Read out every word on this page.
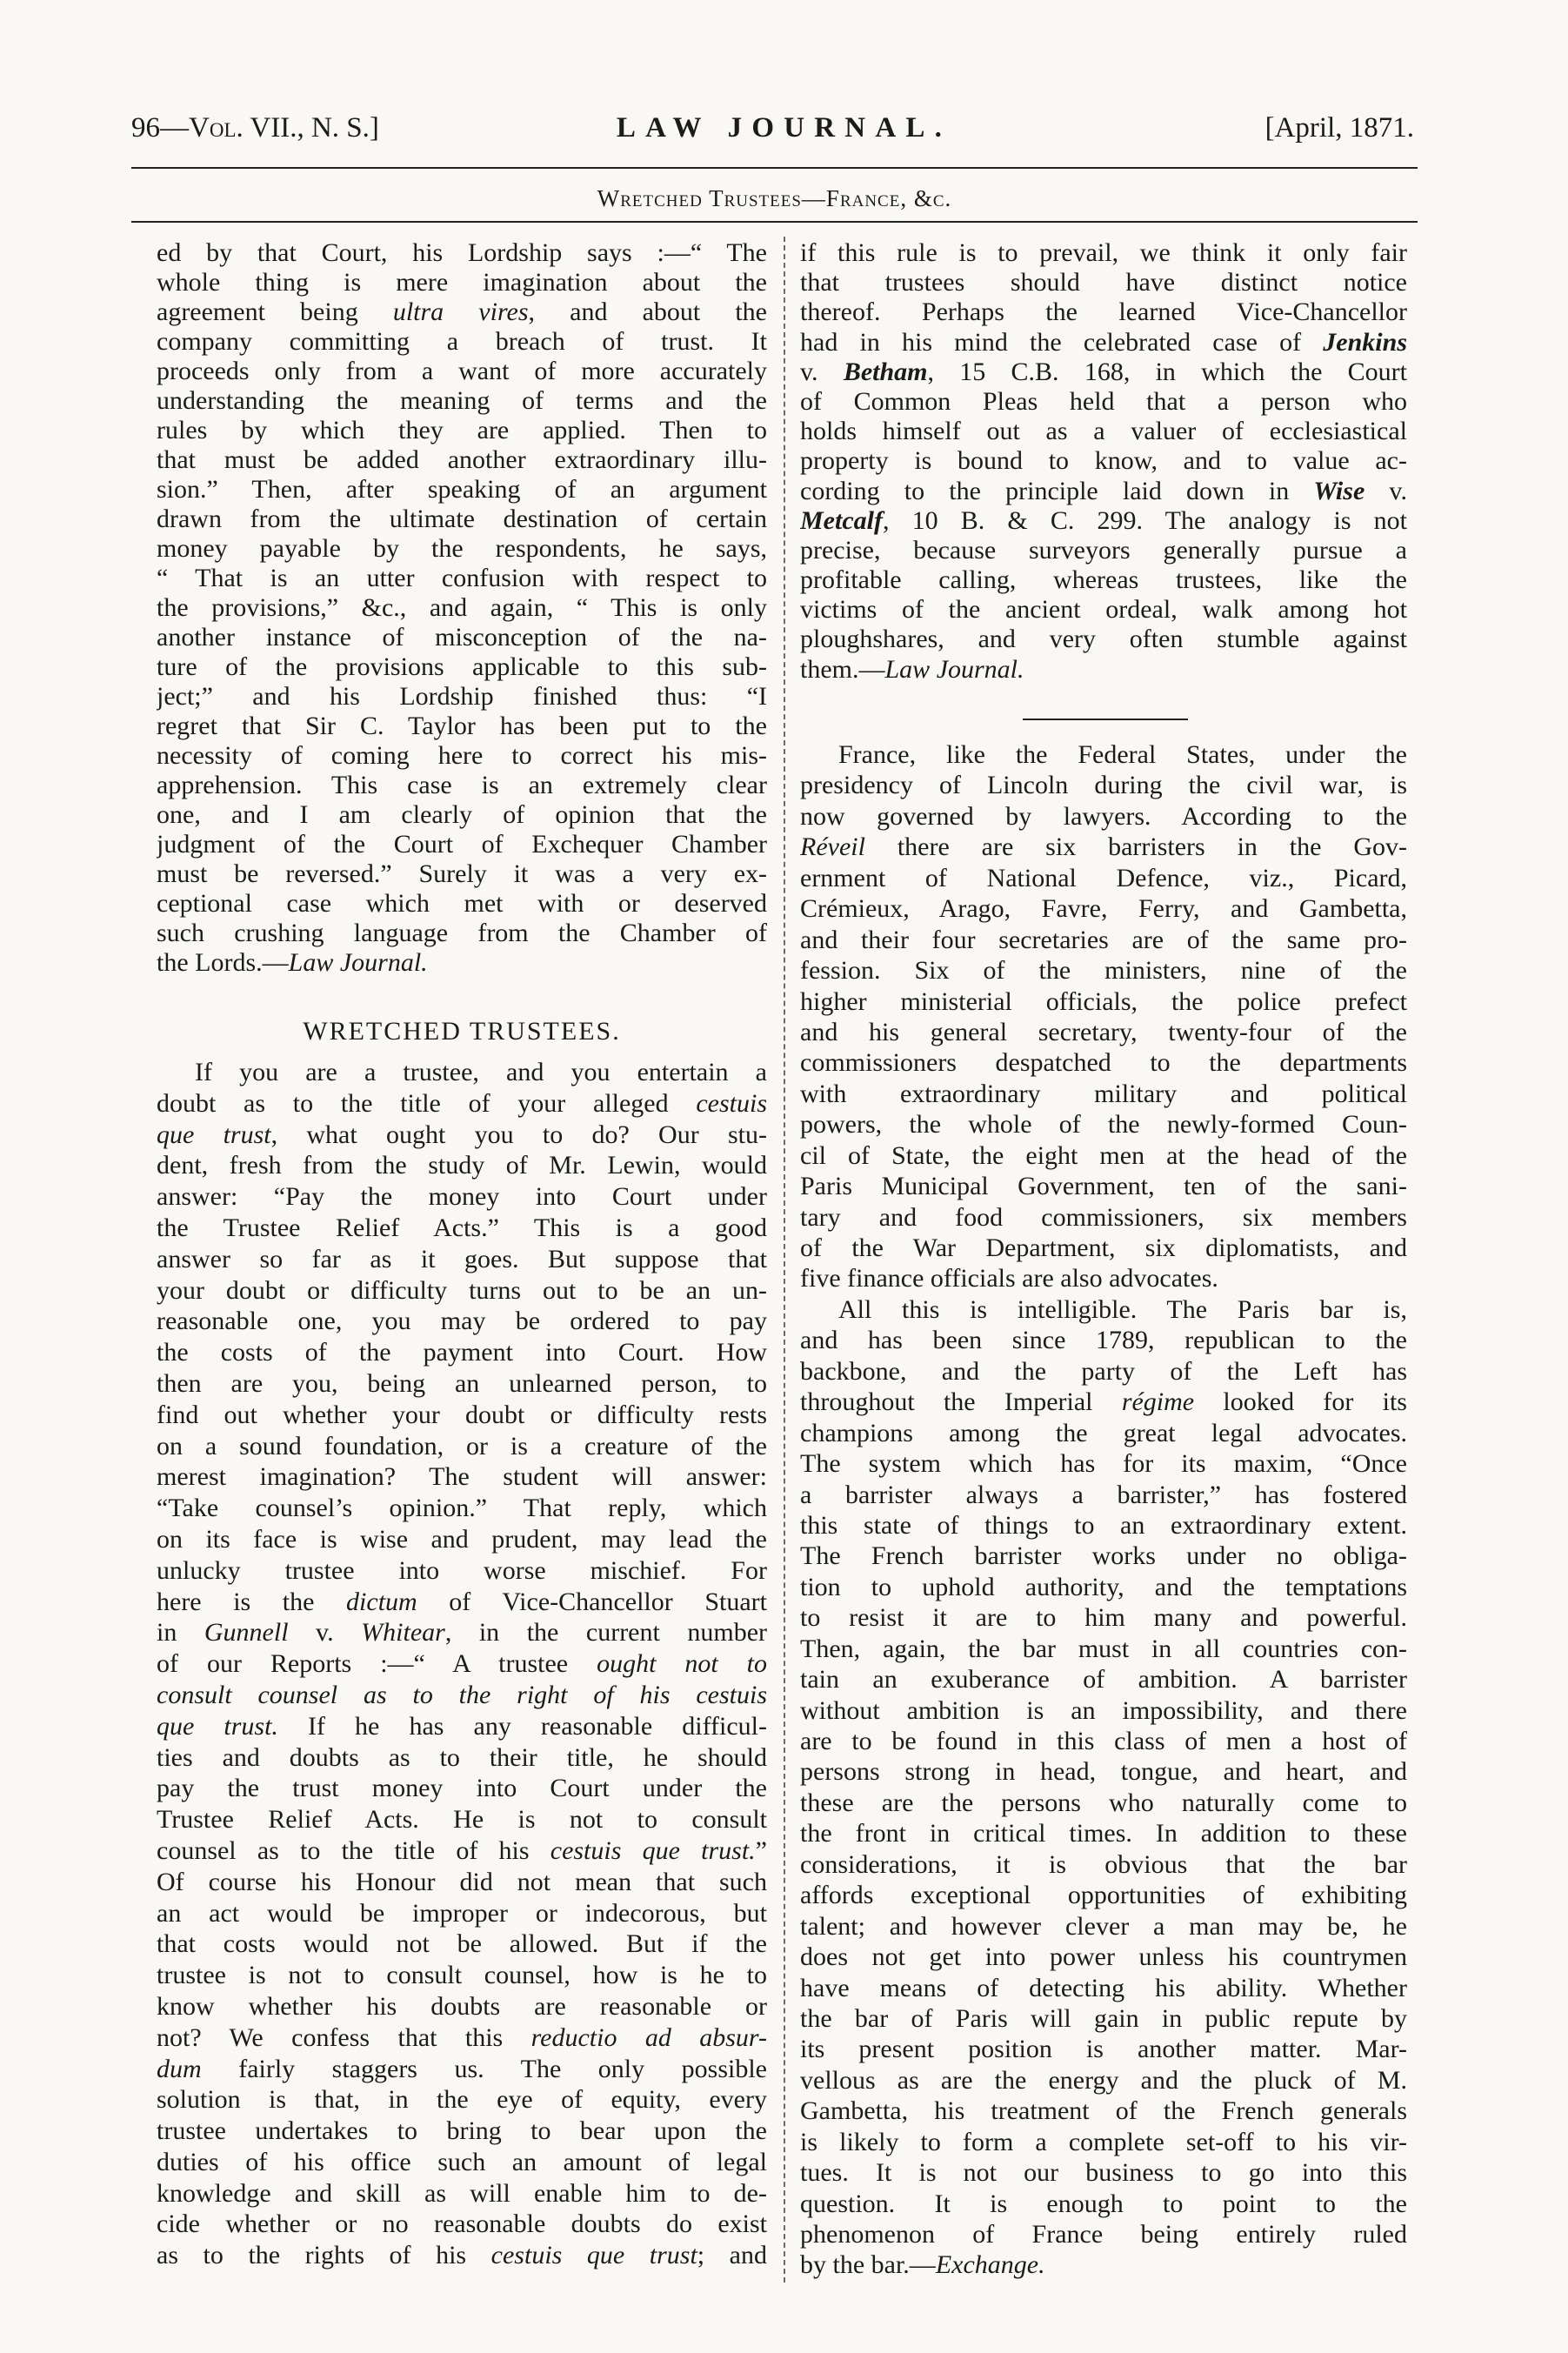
96—Vol. VII., N. S.]	LAW JOURNAL.	[April, 1871.
Wretched Trustees—France, &c.
ed by that Court, his Lordship says :—“ The
whole thing is mere imagination about the
agreement being ultra vires, and about the
company committing a breach of trust. It
proceeds only from a want of more accurately
understanding the meaning of terms and the
rules by which they are applied. Then to
that must be added another extraordinary illu-
sion.” Then, after speaking of an argument
drawn from the ultimate destination of certain
money payable by the respondents, he says,
“ That is an utter confusion with respect to
the provisions,” &c., and again, “ This is only
another instance of misconception of the na-
ture of the provisions applicable to this sub-
ject;” and his Lordship finished thus: “I
regret that Sir C. Taylor has been put to the
necessity of coming here to correct his mis-
apprehension. This case is an extremely clear
one, and I am clearly of opinion that the
judgment of the Court of Exchequer Chamber
must be reversed.” Surely it was a very ex-
ceptional case which met with or deserved
such crushing language from the Chamber of
the Lords.—Law Journal.
WRETCHED TRUSTEES.
If you are a trustee, and you entertain a
doubt as to the title of your alleged cestuis
que trust, what ought you to do? Our stu-
dent, fresh from the study of Mr. Lewin, would
answer: “Pay the money into Court under
the Trustee Relief Acts.” This is a good
answer so far as it goes. But suppose that
your doubt or difficulty turns out to be an un-
reasonable one, you may be ordered to pay
the costs of the payment into Court. How
then are you, being an unlearned person, to
find out whether your doubt or difficulty rests
on a sound foundation, or is a creature of the
merest imagination? The student will answer:
“Take counsel’s opinion.” That reply, which
on its face is wise and prudent, may lead the
unlucky trustee into worse mischief. For
here is the dictum of Vice-Chancellor Stuart
in Gunnell v. Whitear, in the current number
of our Reports :—“ A trustee ought not to
consult counsel as to the right of his cestuis
que trust. If he has any reasonable difficul-
ties and doubts as to their title, he should
pay the trust money into Court under the
Trustee Relief Acts. He is not to consult
counsel as to the title of his cestuis que trust.”
Of course his Honour did not mean that such
an act would be improper or indecorous, but
that costs would not be allowed. But if the
trustee is not to consult counsel, how is he to
know whether his doubts are reasonable or
not? We confess that this reductio ad absur-
dum fairly staggers us. The only possible
solution is that, in the eye of equity, every
trustee undertakes to bring to bear upon the
duties of his office such an amount of legal
knowledge and skill as will enable him to de-
cide whether or no reasonable doubts do exist
as to the rights of his cestuis que trust; and
if this rule is to prevail, we think it only fair
that trustees should have distinct notice
thereof. Perhaps the learned Vice-Chancellor
had in his mind the celebrated case of Jenkins
v. Betham, 15 C.B. 168, in which the Court
of Common Pleas held that a person who
holds himself out as a valuer of ecclesiastical
property is bound to know, and to value ac-
cording to the principle laid down in Wise v.
Metcalf, 10 B. & C. 299. The analogy is not
precise, because surveyors generally pursue a
profitable calling, whereas trustees, like the
victims of the ancient ordeal, walk among hot
ploughshares, and very often stumble against
them.—Law Journal.
France, like the Federal States, under the
presidency of Lincoln during the civil war, is
now governed by lawyers. According to the
Réveil there are six barristers in the Gov-
ernment of National Defence, viz., Picard,
Crémieux, Arago, Favre, Ferry, and Gambetta,
and their four secretaries are of the same pro-
fession. Six of the ministers, nine of the
higher ministerial officials, the police prefect
and his general secretary, twenty-four of the
commissioners despatched to the departments
with extraordinary military and political
powers, the whole of the newly-formed Coun-
cil of State, the eight men at the head of the
Paris Municipal Government, ten of the sani-
tary and food commissioners, six members
of the War Department, six diplomatists, and
five finance officials are also advocates.
All this is intelligible. The Paris bar is,
and has been since 1789, republican to the
backbone, and the party of the Left has
throughout the Imperial régime looked for its
champions among the great legal advocates.
The system which has for its maxim, “Once
a barrister always a barrister,” has fostered
this state of things to an extraordinary extent.
The French barrister works under no obliga-
tion to uphold authority, and the temptations
to resist it are to him many and powerful.
Then, again, the bar must in all countries con-
tain an exuberance of ambition. A barrister
without ambition is an impossibility, and there
are to be found in this class of men a host of
persons strong in head, tongue, and heart, and
these are the persons who naturally come to
the front in critical times. In addition to these
considerations, it is obvious that the bar
affords exceptional opportunities of exhibiting
talent; and however clever a man may be, he
does not get into power unless his countrymen
have means of detecting his ability. Whether
the bar of Paris will gain in public repute by
its present position is another matter. Mar-
vellous as are the energy and the pluck of M.
Gambetta, his treatment of the French generals
is likely to form a complete set-off to his vir-
tues. It is not our business to go into this
question. It is enough to point to the
phenomenon of France being entirely ruled
by the bar.—Exchange.
